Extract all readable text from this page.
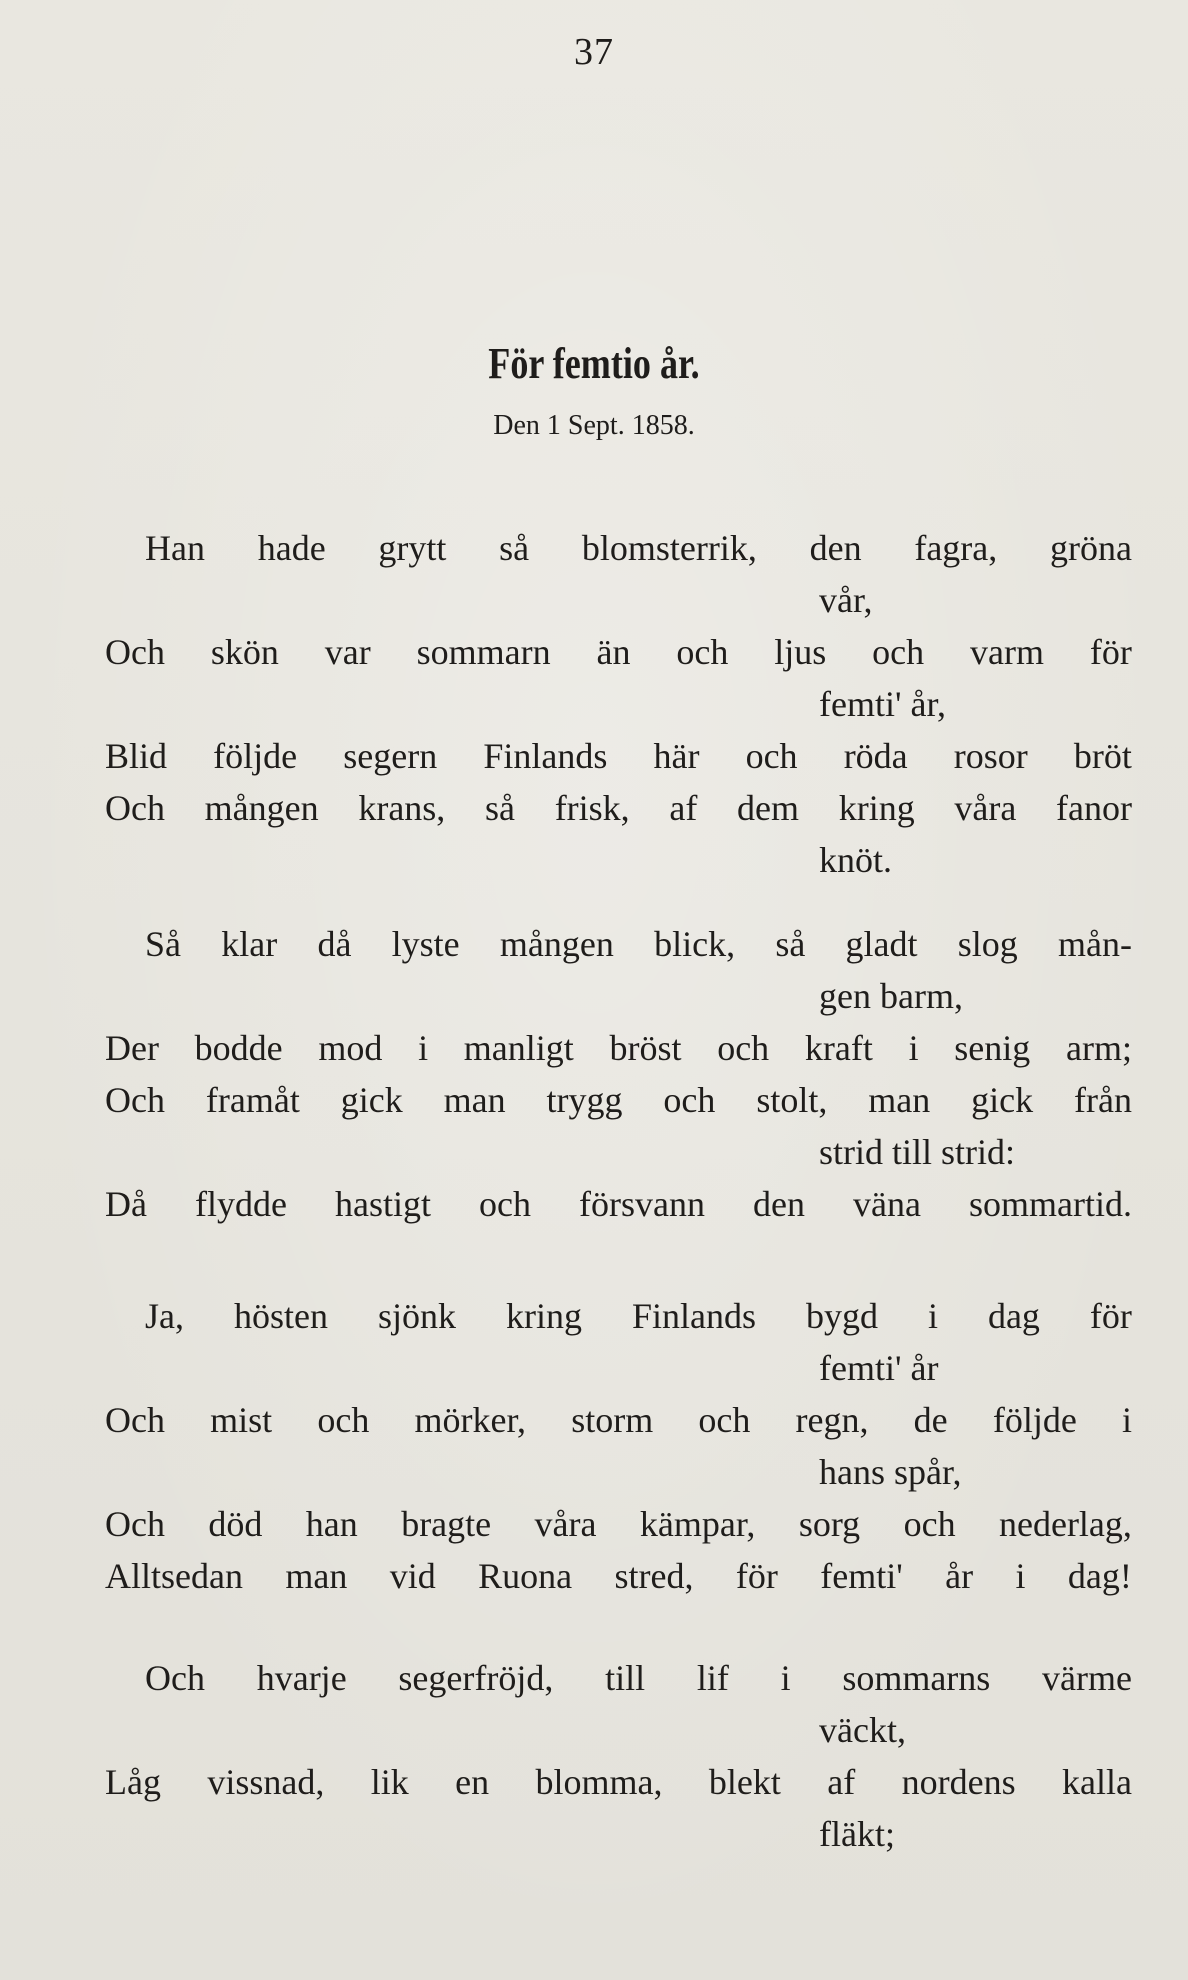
37
För femtio år.
Den 1 Sept. 1858.
Han hade grytt så blomsterrik, den fagra, gröna
vår,
Och skön var sommarn än och ljus och varm för
femti' år,
Blid följde segern Finlands här och röda rosor bröt
Och mången krans, så frisk, af dem kring våra fanor
knöt.
Så klar då lyste mången blick, så gladt slog mån-
gen barm,
Der bodde mod i manligt bröst och kraft i senig arm;
Och framåt gick man trygg och stolt, man gick från
strid till strid:
Då flydde hastigt och försvann den väna sommartid.
Ja, hösten sjönk kring Finlands bygd i dag för
femti' år
Och mist och mörker, storm och regn, de följde i
hans spår,
Och död han bragte våra kämpar, sorg och nederlag,
Alltsedan man vid Ruona stred, för femti' år i dag!
Och hvarje segerfröjd, till lif i sommarns värme
väckt,
Låg vissnad, lik en blomma, blekt af nordens kalla
fläkt;
